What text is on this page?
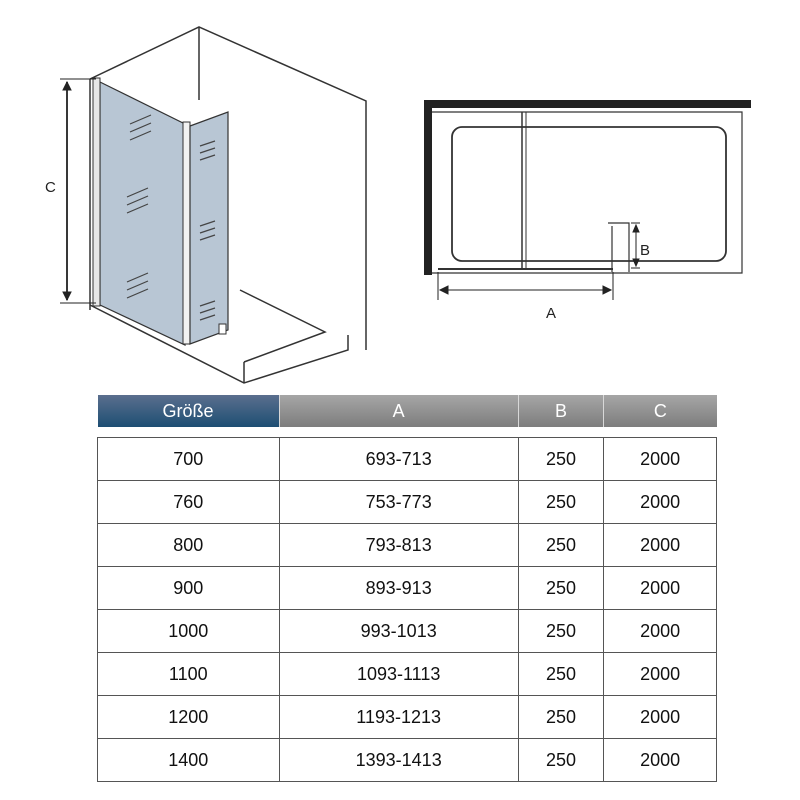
C
B
A
Größe	A	B	C

700	693-713	250	2000
760	753-773	250	2000
800	793-813	250	2000
900	893-913	250	2000
1000	993-1013	250	2000
1100	1093-1113	250	2000
1200	1193-1213	250	2000
1400	1393-1413	250	2000
